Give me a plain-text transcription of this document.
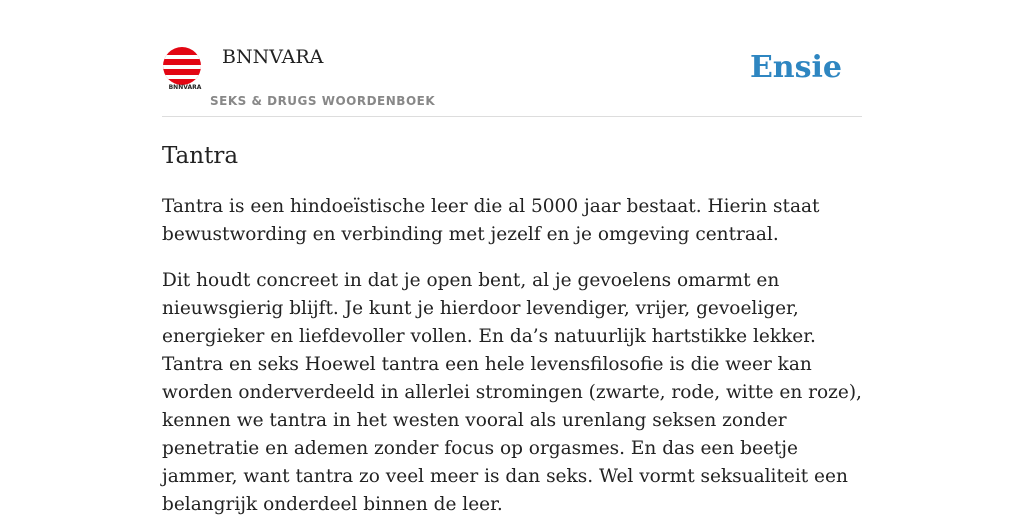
BNNVARA
BNNVARA
SEKS & DRUGS WOORDENBOEK
Ensie
Tantra

Tantra is een hindoeïstische leer die al 5000 jaar bestaat. Hierin staat bewustwording en verbinding met jezelf en je omgeving centraal.

Dit houdt concreet in dat je open bent, al je gevoelens omarmt en nieuwsgierig blijft. Je kunt je hierdoor levendiger, vrijer, gevoeliger, energieker en liefdevoller vollen. En da’s natuurlijk hartstikke lekker. Tantra en seks Hoewel tantra een hele levensfilosofie is die weer kan worden onderverdeeld in allerlei stromingen (zwarte, rode, witte en roze), kennen we tantra in het westen vooral als urenlang seksen zonder penetratie en ademen zonder focus op orgasmes. En das een beetje jammer, want tantra zo veel meer is dan seks. Wel vormt seksualiteit een belangrijk onderdeel binnen de leer.
